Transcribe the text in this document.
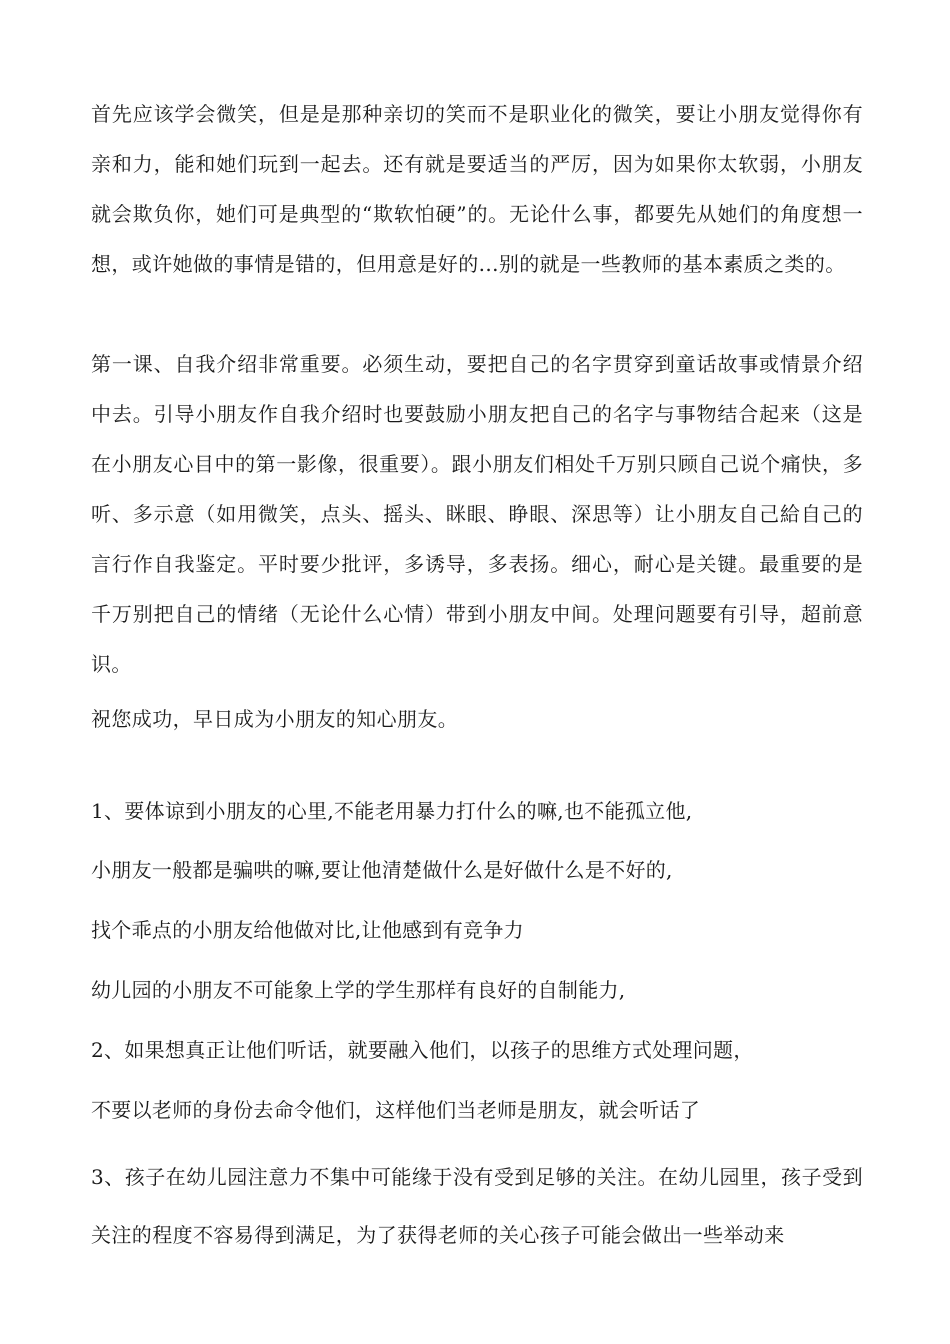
首先应该学会微笑，但是是那种亲切的笑而不是职业化的微笑，要让小朋友觉得你有亲和力，能和她们玩到一起去。还有就是要适当的严厉，因为如果你太软弱，小朋友就会欺负你，她们可是典型的“欺软怕硬”的。无论什么事，都要先从她们的角度想一想，或许她做的事情是错的，但用意是好的...别的就是一些教师的基本素质之类的。

第一课、自我介绍非常重要。必须生动，要把自己的名字贯穿到童话故事或情景介绍中去。引导小朋友作自我介绍时也要鼓励小朋友把自己的名字与事物结合起来（这是在小朋友心目中的第一影像，很重要）。跟小朋友们相处千万别只顾自己说个痛快，多听、多示意（如用微笑，点头、摇头、眯眼、睁眼、深思等）让小朋友自己給自己的言行作自我鉴定。平时要少批评，多诱导，多表扬。细心，耐心是关键。最重要的是千万别把自己的情绪（无论什么心情）带到小朋友中间。处理问题要有引导，超前意识。

祝您成功，早日成为小朋友的知心朋友。

1、要体谅到小朋友的心里,不能老用暴力打什么的嘛,也不能孤立他,
小朋友一般都是骗哄的嘛,要让他清楚做什么是好做什么是不好的,
找个乖点的小朋友给他做对比,让他感到有竞争力
幼儿园的小朋友不可能象上学的学生那样有良好的自制能力,
2、如果想真正让他们听话，就要融入他们，以孩子的思维方式处理问题，
不要以老师的身份去命令他们，这样他们当老师是朋友，就会听话了

3、孩子在幼儿园注意力不集中可能缘于没有受到足够的关注。在幼儿园里，孩子受到关注的程度不容易得到满足，为了获得老师的关心孩子可能会做出一些举动来
